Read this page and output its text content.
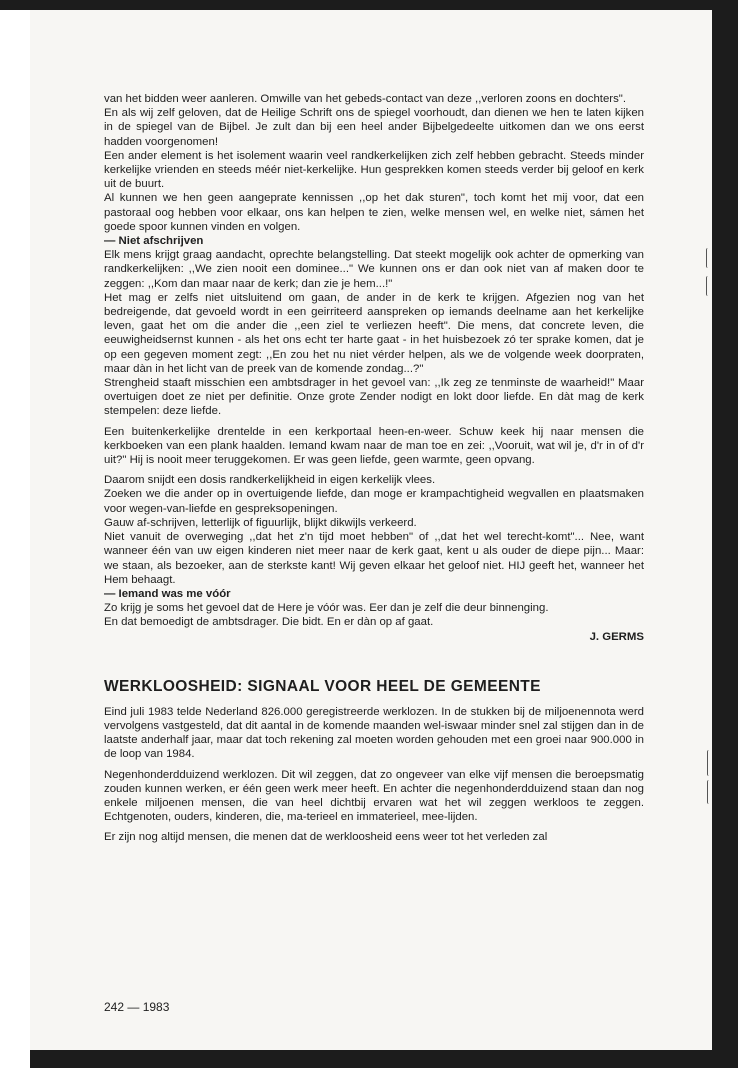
van het bidden weer aanleren. Omwille van het gebeds-contact van deze ,,verloren zoons en dochters".

En als wij zelf geloven, dat de Heilige Schrift ons de spiegel voorhoudt, dan dienen we hen te laten kijken in de spiegel van de Bijbel. Je zult dan bij een heel ander Bijbelgedeelte uitkomen dan we ons eerst hadden voorgenomen!

Een ander element is het isolement waarin veel randkerkelijken zich zelf hebben gebracht. Steeds minder kerkelijke vrienden en steeds méér niet-kerkelijke. Hun gesprekken komen steeds verder bij geloof en kerk uit de buurt.

Al kunnen we hen geen aangeprate kennissen ,,op het dak sturen", toch komt het mij voor, dat een pastoraal oog hebben voor elkaar, ons kan helpen te zien, welke mensen wel, en welke niet, sámen het goede spoor kunnen vinden en volgen.

— Niet afschrijven

Elk mens krijgt graag aandacht, oprechte belangstelling. Dat steekt mogelijk ook achter de opmerking van randkerkelijken: ,,We zien nooit een dominee..." We kunnen ons er dan ook niet van af maken door te zeggen: ,,Kom dan maar naar de kerk; dan zie je hem...!"

Het mag er zelfs niet uitsluitend om gaan, de ander in de kerk te krijgen. Afgezien nog van het bedreigende, dat gevoeld wordt in een geirriteerd aanspreken op iemands deelname aan het kerkelijke leven, gaat het om die ander die ,,een ziel te verliezen heeft". Die mens, dat concrete leven, die eeuwigheidsernst kunnen - als het ons echt ter harte gaat - in het huisbezoek zó ter sprake komen, dat je op een gegeven moment zegt: ,,En zou het nu niet vérder helpen, als we de volgende week doorpraten, maar dàn in het licht van de preek van de komende zondag...?"

Strengheid staaft misschien een ambtsdrager in het gevoel van: ,,Ik zeg ze tenminste de waarheid!" Maar overtuigen doet ze niet per definitie. Onze grote Zender nodigt en lokt door liefde. En dàt mag de kerk stempelen: deze liefde.

Een buitenkerkelijke drentelde in een kerkportaal heen-en-weer. Schuw keek hij naar mensen die kerkboeken van een plank haalden. Iemand kwam naar de man toe en zei: ,,Vooruit, wat wil je, d'r in of d'r uit?" Hij is nooit meer teruggekomen. Er was geen liefde, geen warmte, geen opvang.

Daarom snijdt een dosis randkerkelijkheid in eigen kerkelijk vlees.

Zoeken we die ander op in overtuigende liefde, dan moge er krampachtigheid wegvallen en plaatsmaken voor wegen-van-liefde en gespreksopeningen.

Gauw af-schrijven, letterlijk of figuurlijk, blijkt dikwijls verkeerd.

Niet vanuit de overweging ,,dat het z'n tijd moet hebben" of ,,dat het wel terecht-komt"... Nee, want wanneer één van uw eigen kinderen niet meer naar de kerk gaat, kent u als ouder de diepe pijn... Maar: we staan, als bezoeker, aan de sterkste kant! Wij geven elkaar het geloof niet. HIJ geeft het, wanneer het Hem behaagt.

— Iemand was me vóór

Zo krijg je soms het gevoel dat de Here je vóór was. Eer dan je zelf die deur binnenging.

En dat bemoedigt de ambtsdrager. Die bidt. En er dàn op af gaat.

J. GERMS

WERKLOOSHEID: SIGNAAL VOOR HEEL DE GEMEENTE

Eind juli 1983 telde Nederland 826.000 geregistreerde werklozen. In de stukken bij de miljoenennota werd vervolgens vastgesteld, dat dit aantal in de komende maanden wel-iswaar minder snel zal stijgen dan in de laatste anderhalf jaar, maar dat toch rekening zal moeten worden gehouden met een groei naar 900.000 in de loop van 1984.

Negenhonderdduizend werklozen. Dit wil zeggen, dat zo ongeveer van elke vijf mensen die beroepsmatig zouden kunnen werken, er één geen werk meer heeft. En achter die negenhonderdduizend staan dan nog enkele miljoenen mensen, die van heel dichtbij ervaren wat het wil zeggen werkloos te zeggen. Echtgenoten, ouders, kinderen, die, ma-terieel en immaterieel, mee-lijden.

Er zijn nog altijd mensen, die menen dat de werkloosheid eens weer tot het verleden zal

242 — 1983
